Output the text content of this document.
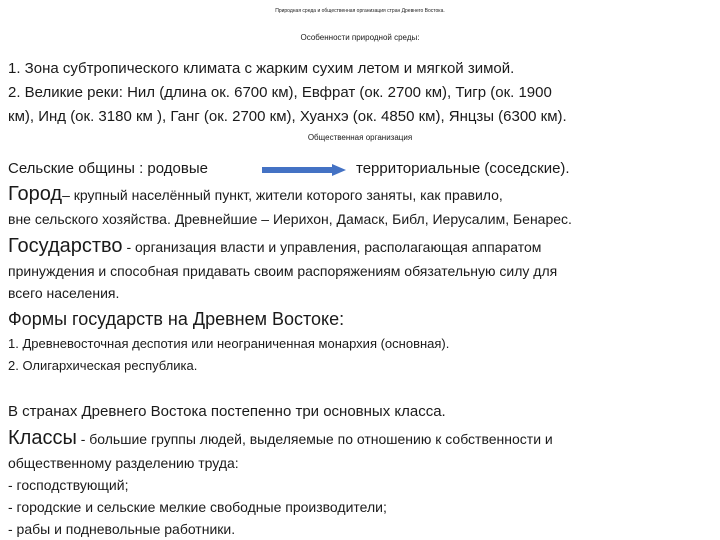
Природная среда и общественная организация стран Древнего Востока.
Особенности природной среды:
1. Зона субтропического климата с жарким сухим летом и мягкой зимой.
2. Великие реки: Нил (длина ок. 6700 км), Евфрат (ок. 2700 км), Тигр (ок. 1900
км), Инд (ок. 3180 км ), Ганг (ок. 2700 км), Хуанхэ (ок. 4850 км), Янцзы (6300 км).
Общественная организация
Сельские общины : родовые	территориальные (соседские).
Город– крупный населённый пункт, жители которого заняты, как правило,
вне сельского хозяйства. Древнейшие – Иерихон, Дамаск, Библ, Иерусалим, Бенарес.
Государство - организация власти и управления, располагающая аппаратом
принуждения и способная придавать своим распоряжениям обязательную силу для
всего населения.
Формы государств на Древнем Востоке:
1. Древневосточная деспотия или неограниченная монархия (основная).
2. Олигархическая республика.
В странах Древнего Востока постепенно три основных класса.
Классы - большие группы людей, выделяемые по отношению к собственности и
общественному разделению труда:
- господствующий;
- городские и сельские мелкие свободные производители;
- рабы и подневольные работники.
